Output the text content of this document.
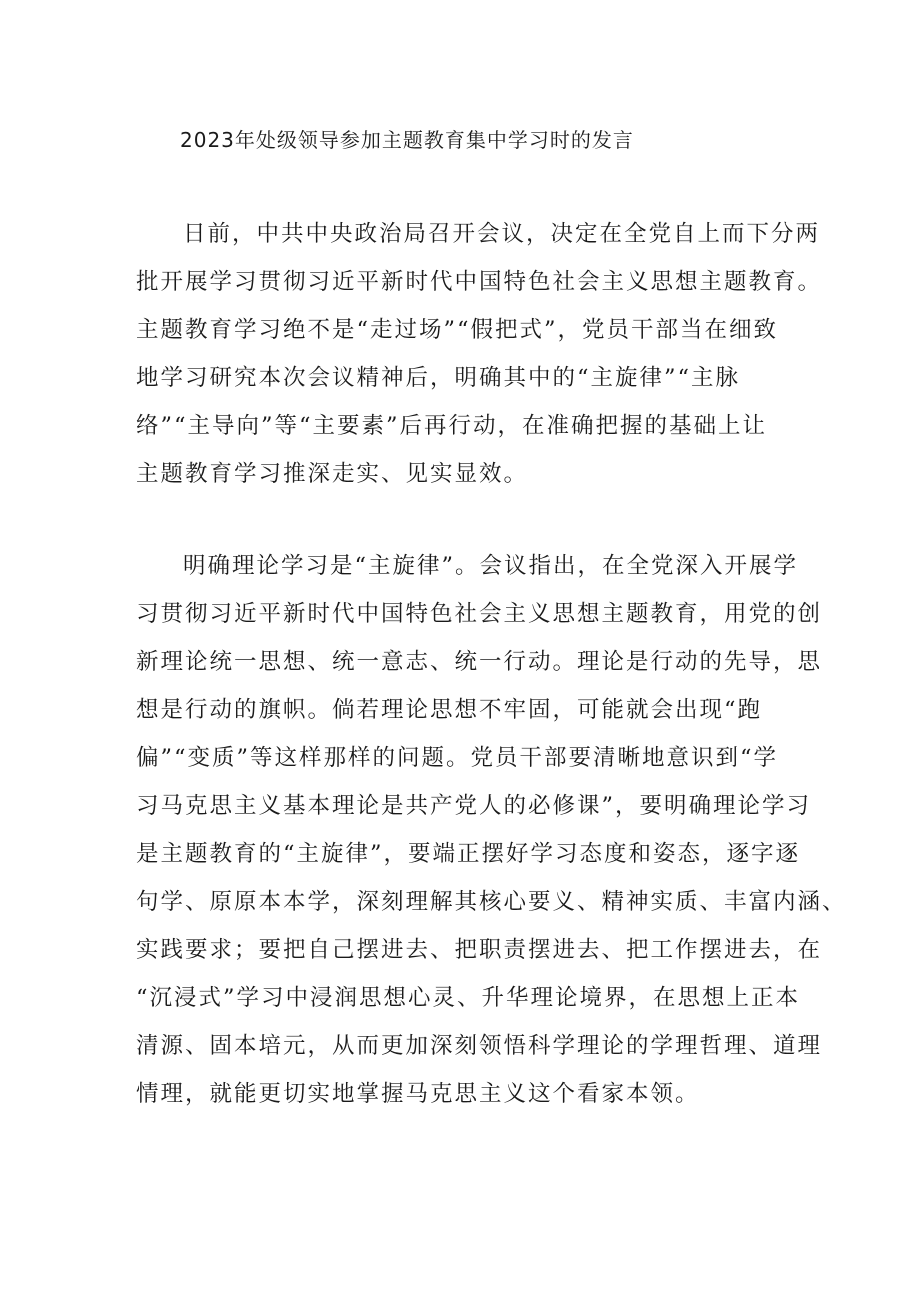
2023年处级领导参加主题教育集中学习时的发言
日前，中共中央政治局召开会议，决定在全党自上而下分两
批开展学习贯彻习近平新时代中国特色社会主义思想主题教育。
主题教育学习绝不是“走过场”“假把式”，党员干部当在细致
地学习研究本次会议精神后，明确其中的“主旋律”“主脉
络”“主导向”等“主要素”后再行动，在准确把握的基础上让
主题教育学习推深走实、见实显效。
明确理论学习是“主旋律”。会议指出，在全党深入开展学
习贯彻习近平新时代中国特色社会主义思想主题教育，用党的创
新理论统一思想、统一意志、统一行动。理论是行动的先导，思
想是行动的旗帜。倘若理论思想不牢固，可能就会出现“跑
偏”“变质”等这样那样的问题。党员干部要清晰地意识到“学
习马克思主义基本理论是共产党人的必修课”，要明确理论学习
是主题教育的“主旋律”，要端正摆好学习态度和姿态，逐字逐
句学、原原本本学，深刻理解其核心要义、精神实质、丰富内涵、
实践要求；要把自己摆进去、把职责摆进去、把工作摆进去，在
“沉浸式”学习中浸润思想心灵、升华理论境界，在思想上正本
清源、固本培元，从而更加深刻领悟科学理论的学理哲理、道理
情理，就能更切实地掌握马克思主义这个看家本领。
